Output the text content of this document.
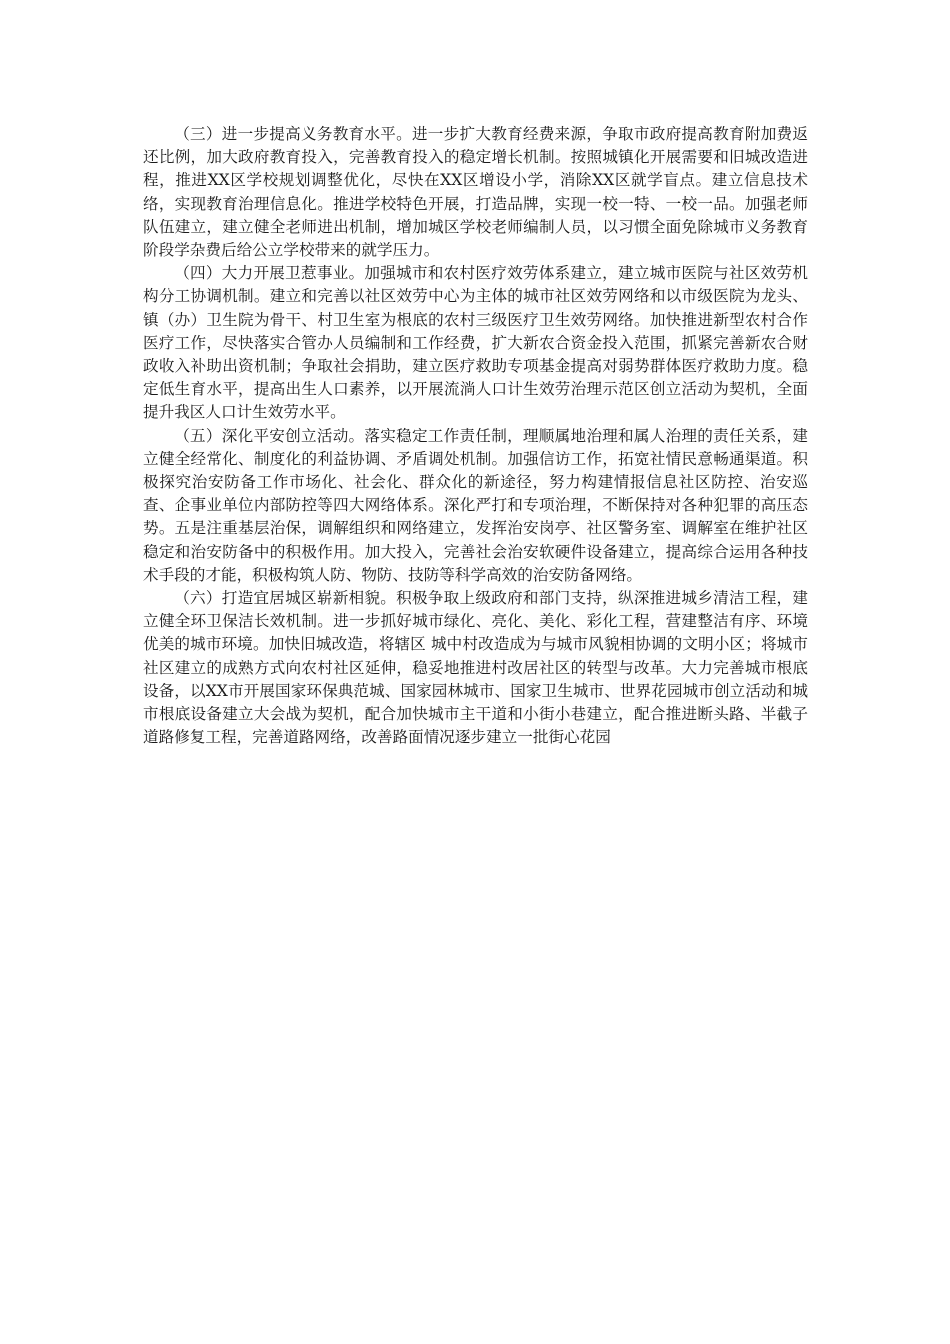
（三）进一步提高义务教育水平。进一步扩大教育经费来源，争取市政府提高教育附加费返还比例，加大政府教育投入，完善教育投入的稳定增长机制。按照城镇化开展需要和旧城改造进程，推进XX区学校规划调整优化，尽快在XX区增设小学，消除XX区就学盲点。建立信息技术络，实现教育治理信息化。推进学校特色开展，打造品牌，实现一校一特、一校一品。加强老师队伍建立，建立健全老师进出机制，增加城区学校老师编制人员，以习惯全面免除城市义务教育阶段学杂费后给公立学校带来的就学压力。

（四）大力开展卫惹事业。加强城市和农村医疗效劳体系建立，建立城市医院与社区效劳机构分工协调机制。建立和完善以社区效劳中心为主体的城市社区效劳网络和以市级医院为龙头、镇（办）卫生院为骨干、村卫生室为根底的农村三级医疗卫生效劳网络。加快推进新型农村合作医疗工作，尽快落实合管办人员编制和工作经费，扩大新农合资金投入范围，抓紧完善新农合财政收入补助出资机制；争取社会捐助，建立医疗救助专项基金提高对弱势群体医疗救助力度。稳定低生育水平，提高出生人口素养，以开展流淌人口计生效劳治理示范区创立活动为契机，全面提升我区人口计生效劳水平。

（五）深化平安创立活动。落实稳定工作责任制，理顺属地治理和属人治理的责任关系，建立健全经常化、制度化的利益协调、矛盾调处机制。加强信访工作，拓宽社情民意畅通渠道。积极探究治安防备工作市场化、社会化、群众化的新途径，努力构建情报信息社区防控、治安巡查、企事业单位内部防控等四大网络体系。深化严打和专项治理，不断保持对各种犯罪的高压态势。五是注重基层治保，调解组织和网络建立，发挥治安岗亭、社区警务室、调解室在维护社区稳定和治安防备中的积极作用。加大投入，完善社会治安软硬件设备建立，提高综合运用各种技术手段的才能，积极构筑人防、物防、技防等科学高效的治安防备网络。

（六）打造宜居城区崭新相貌。积极争取上级政府和部门支持，纵深推进城乡清洁工程，建立健全环卫保洁长效机制。进一步抓好城市绿化、亮化、美化、彩化工程，营建整洁有序、环境优美的城市环境。加快旧城改造，将辖区 城中村改造成为与城市风貌相协调的文明小区；将城市社区建立的成熟方式向农村社区延伸，稳妥地推进村改居社区的转型与改革。大力完善城市根底设备，以XX市开展国家环保典范城、国家园林城市、国家卫生城市、世界花园城市创立活动和城市根底设备建立大会战为契机，配合加快城市主干道和小街小巷建立，配合推进断头路、半截子道路修复工程，完善道路网络，改善路面情况逐步建立一批街心花园
